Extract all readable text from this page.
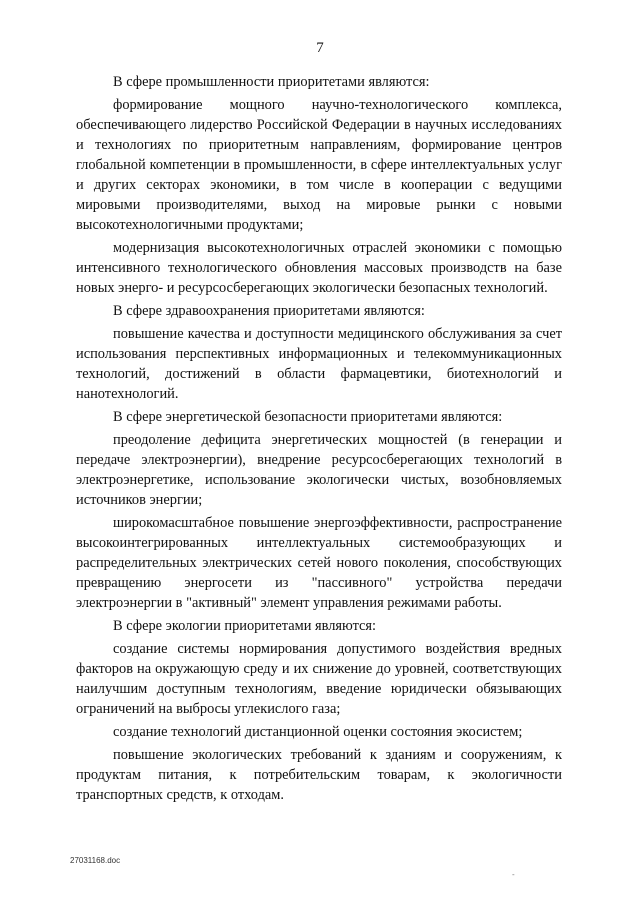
7

В сфере промышленности приоритетами являются:

формирование мощного научно-технологического комплекса, обеспечивающего лидерство Российской Федерации в научных исследованиях и технологиях по приоритетным направлениям, формирование центров глобальной компетенции в промышленности, в сфере интеллектуальных услуг и других секторах экономики, в том числе в кооперации с ведущими мировыми производителями, выход на мировые рынки с новыми высокотехнологичными продуктами;

модернизация высокотехнологичных отраслей экономики с помощью интенсивного технологического обновления массовых производств на базе новых энерго- и ресурсосберегающих экологически безопасных технологий.

В сфере здравоохранения приоритетами являются:

повышение качества и доступности медицинского обслуживания за счет использования перспективных информационных и телекоммуникационных технологий, достижений в области фармацевтики, биотехнологий и нанотехнологий.

В сфере энергетической безопасности приоритетами являются:

преодоление дефицита энергетических мощностей (в генерации и передаче электроэнергии), внедрение ресурсосберегающих технологий в электроэнергетике, использование экологически чистых, возобновляемых источников энергии;

широкомасштабное повышение энергоэффективности, распространение высокоинтегрированных интеллектуальных системообразующих и распределительных электрических сетей нового поколения, способствующих превращению энергосети из "пассивного" устройства передачи электроэнергии в "активный" элемент управления режимами работы.

В сфере экологии приоритетами являются:

создание системы нормирования допустимого воздействия вредных факторов на окружающую среду и их снижение до уровней, соответствующих наилучшим доступным технологиям, введение юридически обязывающих ограничений на выбросы углекислого газа;

создание технологий дистанционной оценки состояния экосистем;

повышение экологических требований к зданиям и сооружениям, к продуктам питания, к потребительским товарам, к экологичности транспортных средств, к отходам.

27031168.doc
-
